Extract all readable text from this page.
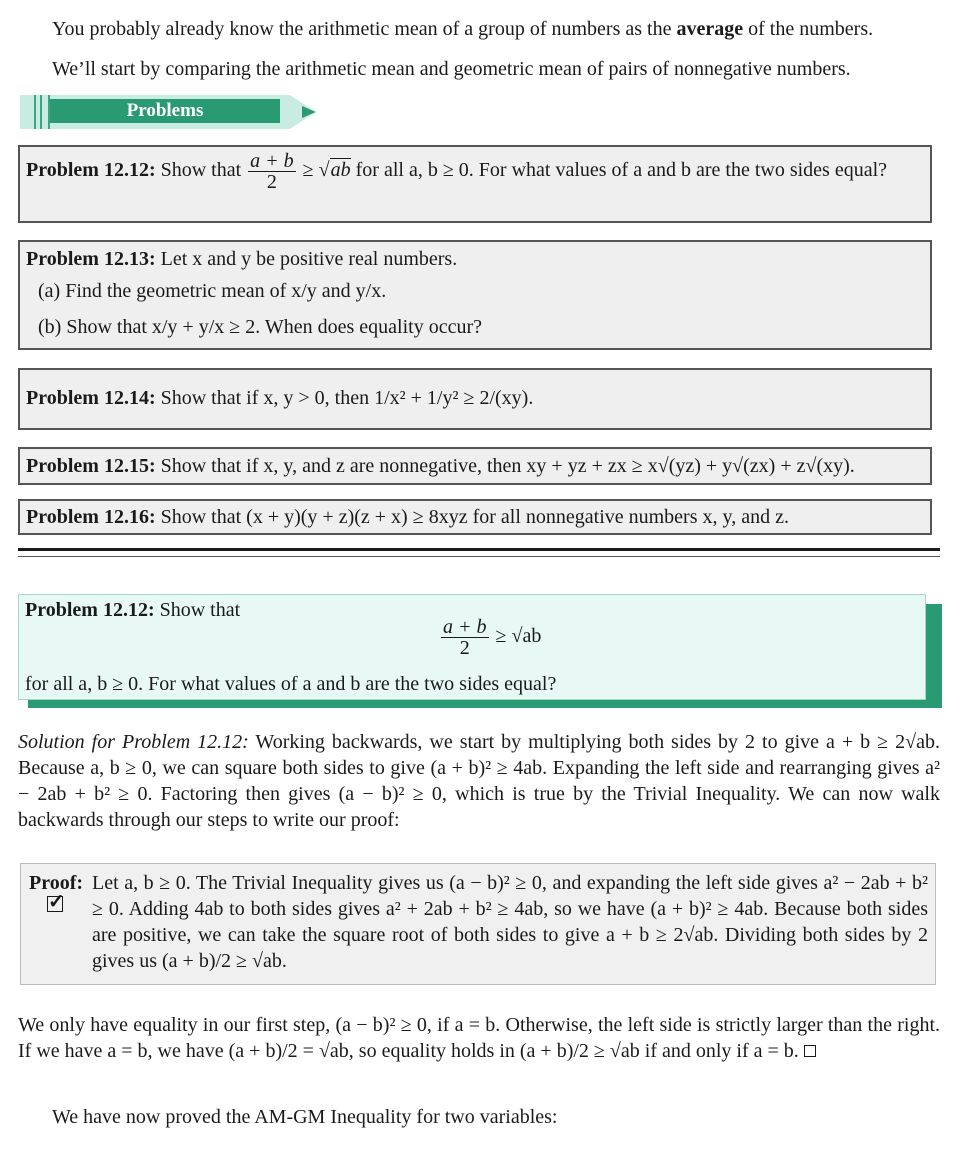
You probably already know the arithmetic mean of a group of numbers as the average of the numbers.
We’ll start by comparing the arithmetic mean and geometric mean of pairs of nonnegative numbers.
Problems
Problem 12.12: Show that $\frac{a + b}{2}$ ≥ √ ab for all a, b ≥ 0. For what values of a and b are the two sides equal?
Problem 12.13: Let x and y be positive real numbers.
(a) Find the geometric mean of x/y and y/x.
(b) Show that x/y + y/x ≥ 2. When does equality occur?
Problem 12.14: Show that if x, y > 0, then 1/x² + 1/y² ≥ 2/(xy).
Problem 12.15: Show that if x, y, and z are nonnegative, then xy + yz + zx ≥ x√(yz) + y√(zx) + z√(xy).
Problem 12.16: Show that (x + y)(y + z)(z + x) ≥ 8xyz for all nonnegative numbers x, y, and z.
Problem 12.12: Show that
$\frac{a + b}{2} \ge √ab$
for all a, b ≥ 0. For what values of a and b are the two sides equal?
Solution for Problem 12.12: Working backwards, we start by multiplying both sides by 2 to give a + b ≥ 2√ab. Because a, b ≥ 0, we can square both sides to give (a + b)² ≥ 4ab. Expanding the left side and rearranging gives a² − 2ab + b² ≥ 0. Factoring then gives (a − b)² ≥ 0, which is true by the Trivial Inequality. We can now walk backwards through our steps to write our proof:
Proof:
✓ Let a, b ≥ 0. The Trivial Inequality gives us (a − b)² ≥ 0, and expanding the left side gives a² − 2ab + b² ≥ 0. Adding 4ab to both sides gives a² + 2ab + b² ≥ 4ab, so we have (a + b)² ≥ 4ab. Because both sides are positive, we can take the square root of both sides to give a + b ≥ 2√ab. Dividing both sides by 2 gives us (a + b)/2 ≥ √ab.
We only have equality in our first step, (a − b)² ≥ 0, if a = b. Otherwise, the left side is strictly larger than the right. If we have a = b, we have (a + b)/2 = √ab, so equality holds in (a + b)/2 ≥ √ab if and only if a = b.
We have now proved the AM-GM Inequality for two variables:
